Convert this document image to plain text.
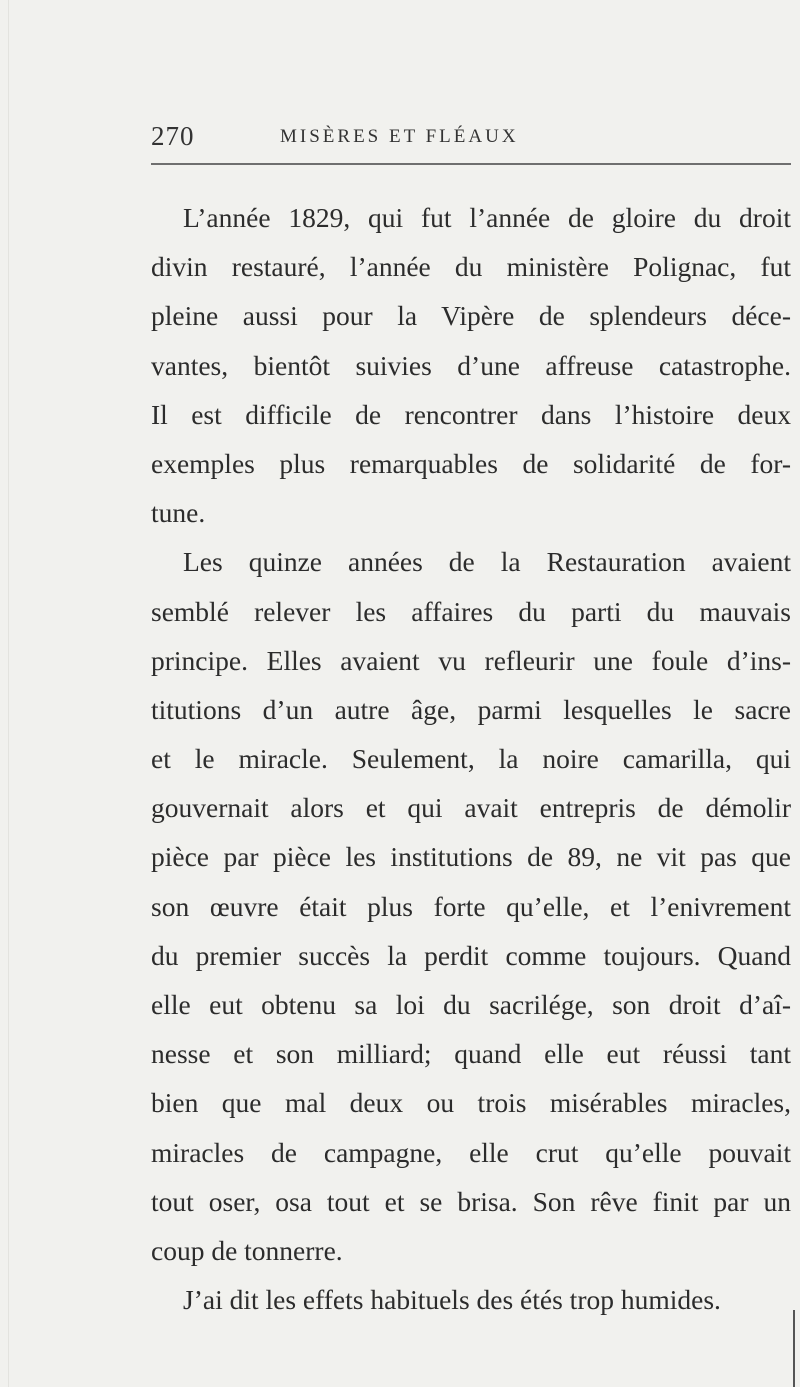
270	MISÈRES ET FLÉAUX
L’année 1829, qui fut l’année de gloire du droit
divin restauré, l’année du ministère Polignac, fut
pleine aussi pour la Vipère de splendeurs déce-
vantes, bientôt suivies d’une affreuse catastrophe.
Il est difficile de rencontrer dans l’histoire deux
exemples plus remarquables de solidarité de for-
tune.
Les quinze années de la Restauration avaient
semblé relever les affaires du parti du mauvais
principe. Elles avaient vu refleurir une foule d’ins-
titutions d’un autre âge, parmi lesquelles le sacre
et le miracle. Seulement, la noire camarilla, qui
gouvernait alors et qui avait entrepris de démolir
pièce par pièce les institutions de 89, ne vit pas que
son œuvre était plus forte qu’elle, et l’enivrement
du premier succès la perdit comme toujours. Quand
elle eut obtenu sa loi du sacrilége, son droit d’aî-
nesse et son milliard; quand elle eut réussi tant
bien que mal deux ou trois misérables miracles,
miracles de campagne, elle crut qu’elle pouvait
tout oser, osa tout et se brisa. Son rêve finit par un
coup de tonnerre.
J’ai dit les effets habituels des étés trop humides.
